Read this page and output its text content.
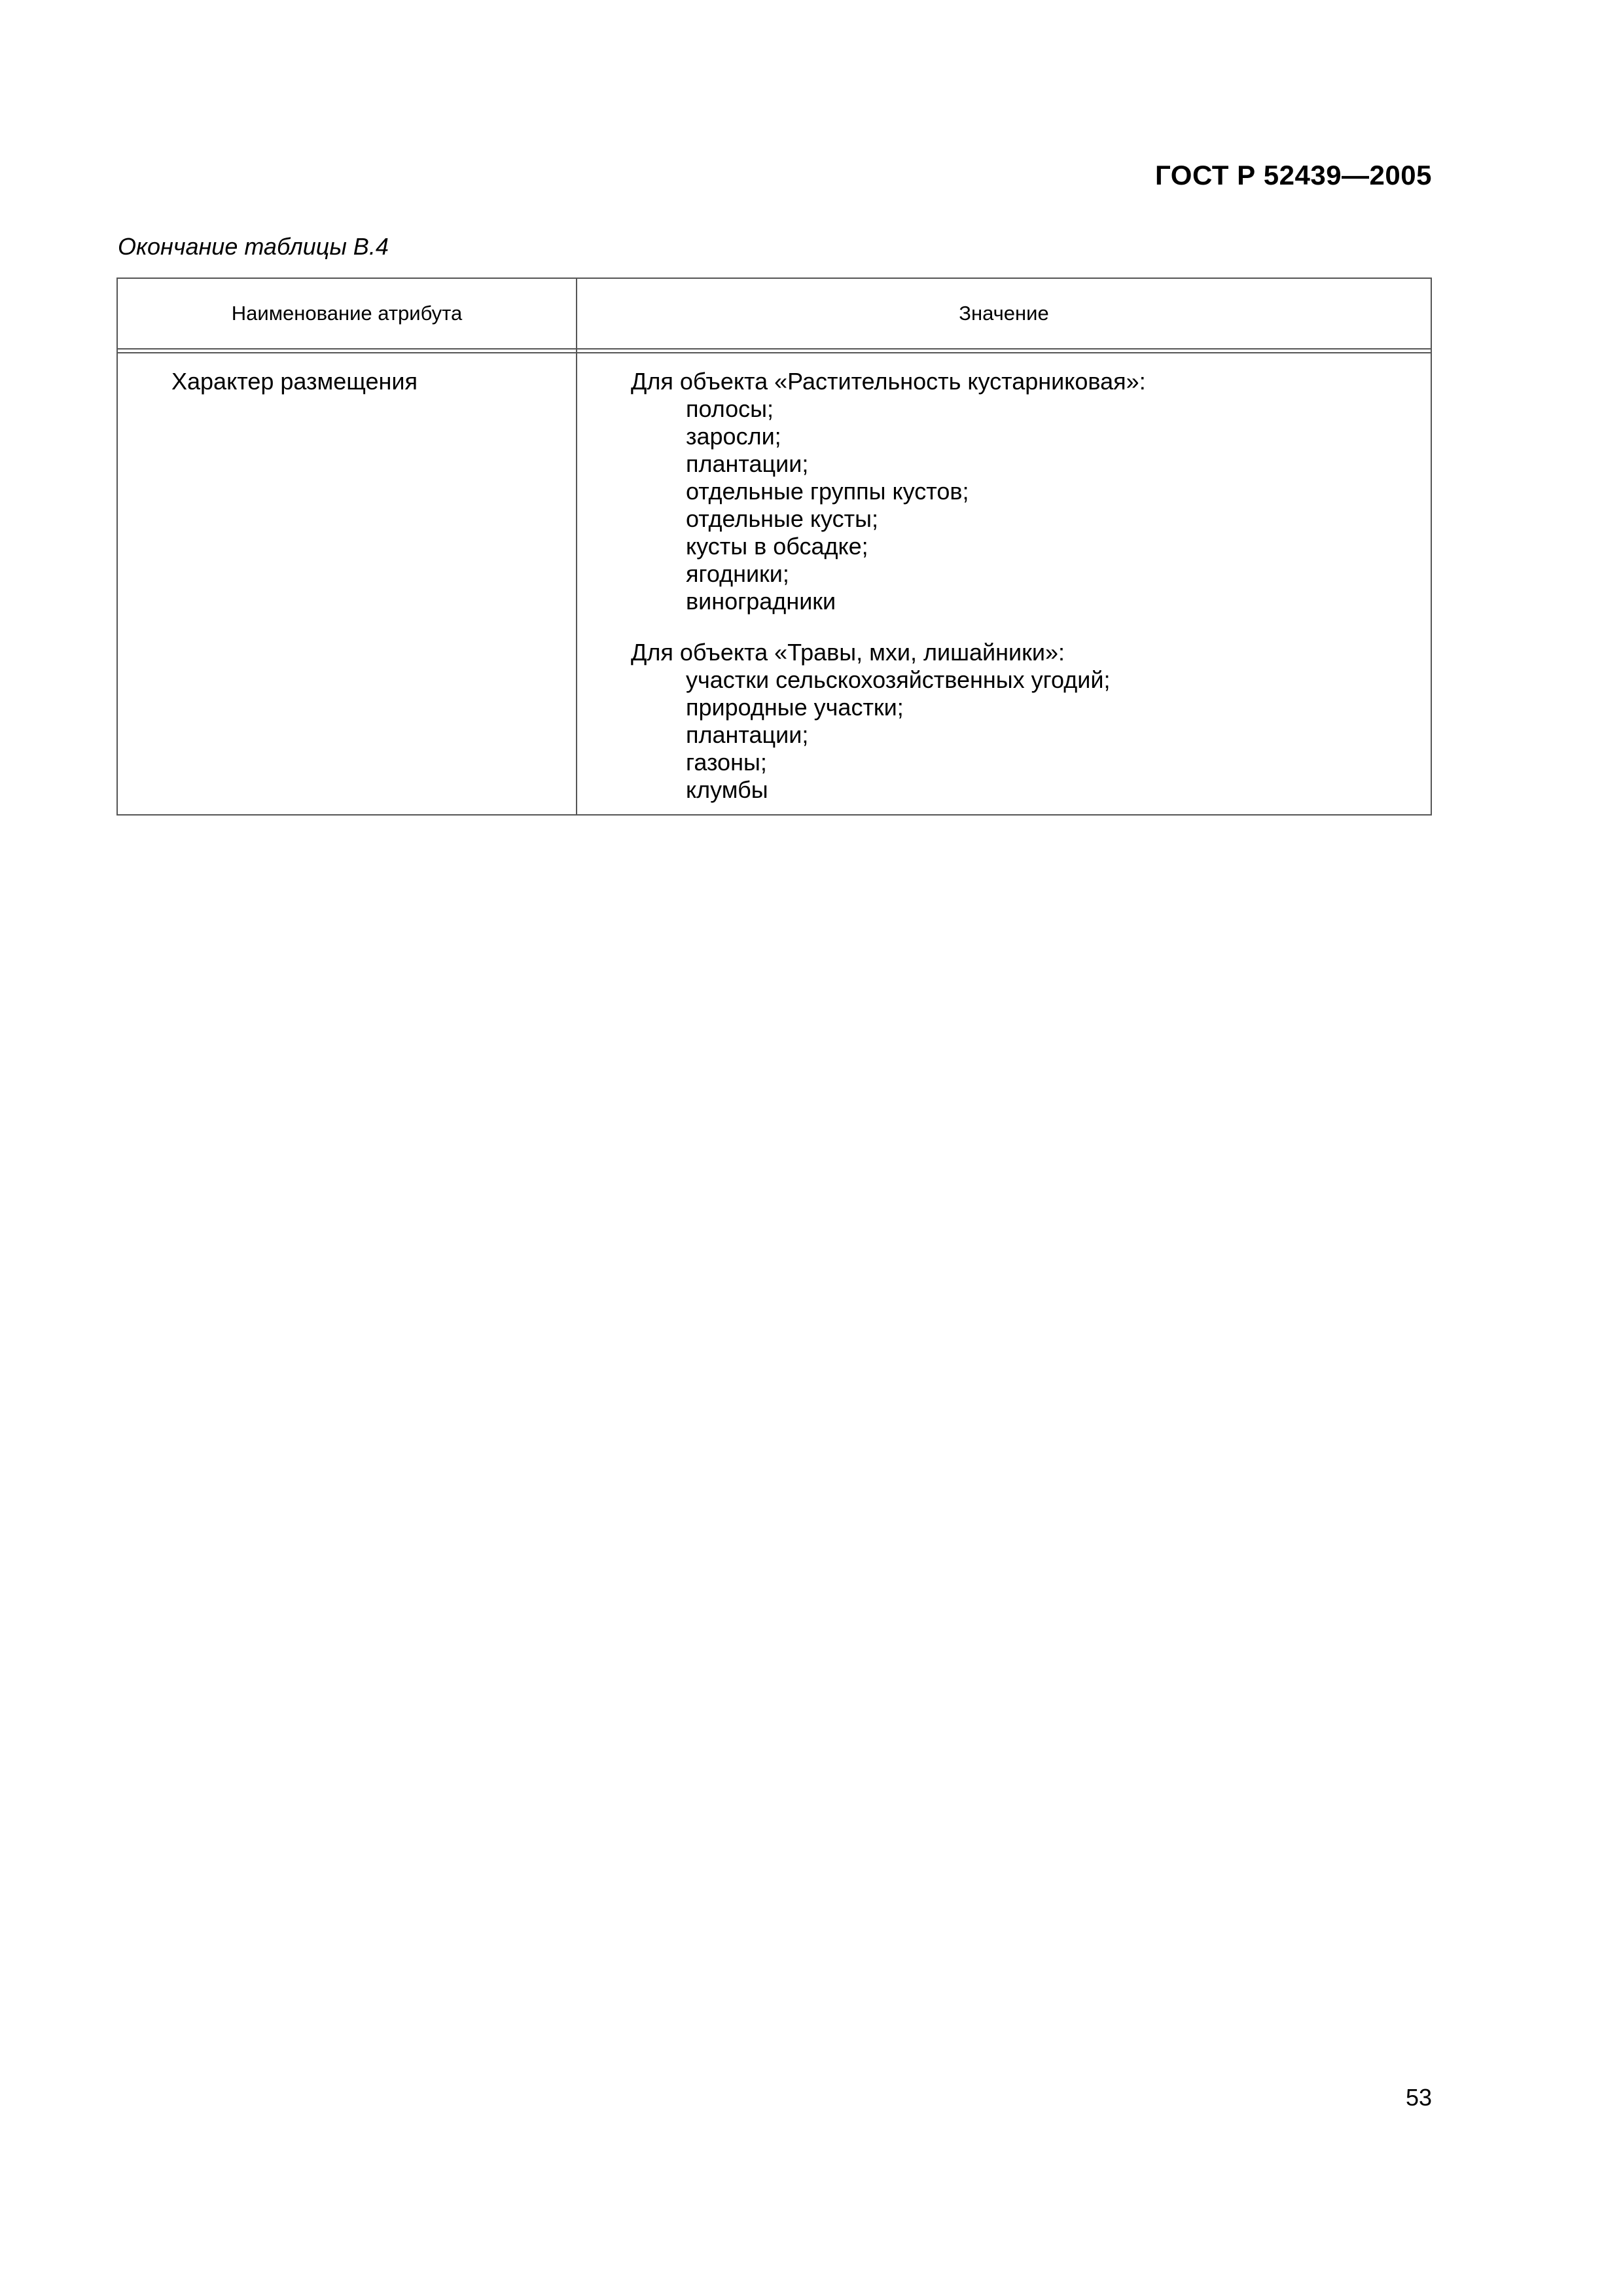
ГОСТ Р 52439—2005
Окончание таблицы В.4
Наименование атрибута	Значение
Характер размещения	Для объекта «Растительность кустарниковая»:
полосы;
заросли;
плантации;
отдельные группы кустов;
отдельные кусты;
кусты в обсадке;
ягодники;
виноградники
Для объекта «Травы, мхи, лишайники»:
участки сельскохозяйственных угодий;
природные участки;
плантации;
газоны;
клумбы
53
